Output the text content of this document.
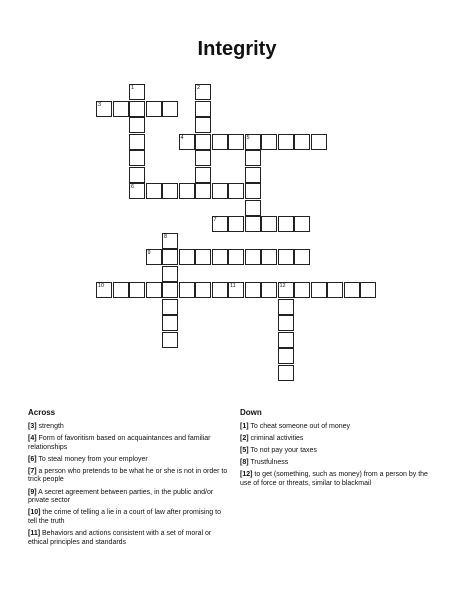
Integrity
1	2
3
4	5
6
7
8
9
10	11	12
Across
[3] strength
[4] Form of favoritism based on acquaintances and familiar relationships
[6] To steal money from your employer
[7] a person who pretends to be what he or she is not in order to trick people
[9] A secret agreement between parties, in the public and/or private sector
[10] the crime of telling a lie in a court of law after promising to tell the truth
[11] Behaviors and actions consistent with a set of moral or ethical principles and standards
Down
[1] To cheat someone out of money
[2] criminal activities
[5] To not pay your taxes
[8] Trustfulness
[12] to get (something, such as money) from a person by the use of force or threats, similar to blackmail
